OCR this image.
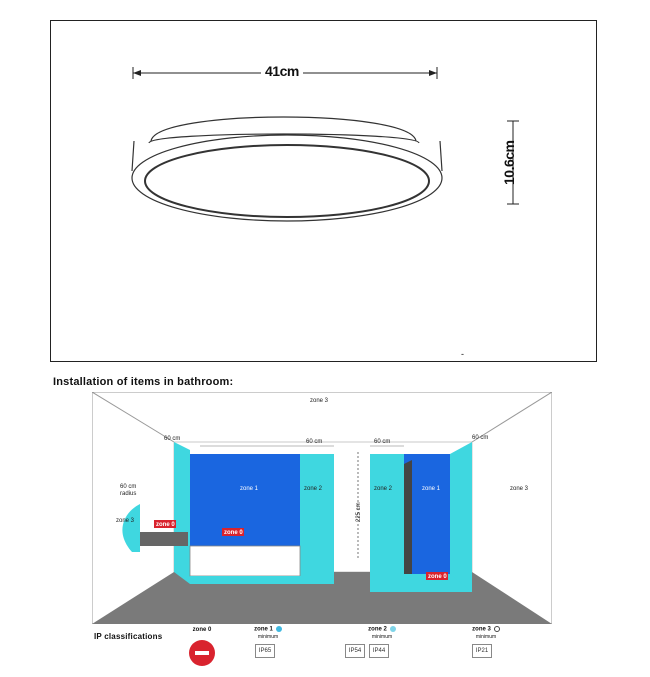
41cm
10.6cm
-
Installation of items in bathroom:
zone 3
60 cm	60 cm	60 cm
60 cm
60 cm
radius
zone 3
zone 0
zone 1
zone 0
zone 2
225 cm
zone 2	zone 1
zone 0
zone 3
IP classifications
zone 0	zone 1
minimum
IP65
zone 2
minimum
IP54	IP44
zone 3
minimum
IP21
